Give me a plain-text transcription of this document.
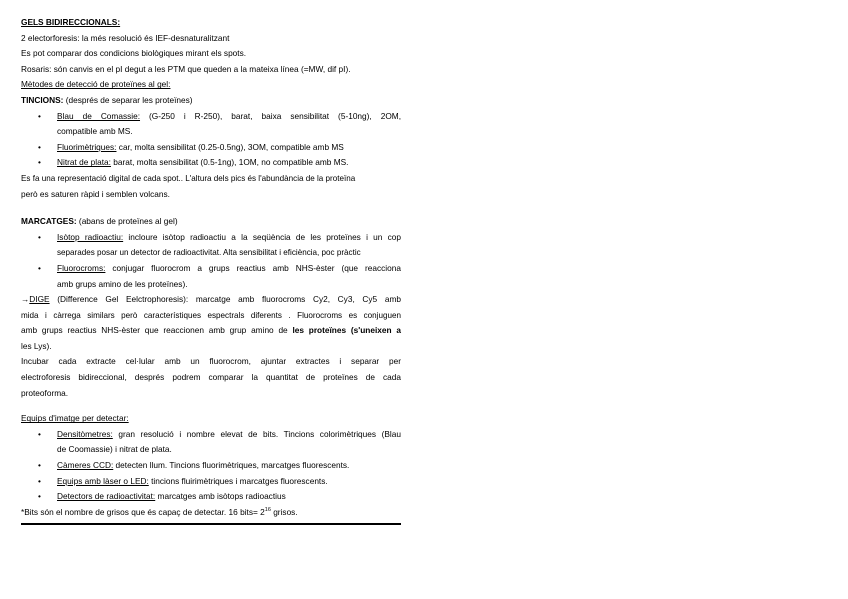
GELS BIDIRECCIONALS:
2 electorforesis: la més resolució és IEF-desnaturalitzant
Es pot comparar dos condicions biològiques mirant els spots.
Rosaris: són canvis en el pI degut a les PTM que queden a la mateixa línea (=MW, dif pI).
Mètodes de detecció de proteïnes al gel:
TINCIONS: (després de separar les proteïnes)
• Blau de Comassie: (G-250 i R-250), barat, baixa sensibilitat (5-10ng), 2OM,
compatible amb MS.
• Fluorimètriques: car, molta sensibilitat (0.25-0.5ng), 3OM, compatible amb MS
• Nitrat de plata: barat, molta sensibilitat (0.5-1ng), 1OM, no compatible amb MS.
Es fa una representació digital de cada spot.. L'altura dels pics és l'abundància de la proteïna
però es saturen ràpid i semblen volcans.
MARCATGES: (abans de proteïnes al gel)
• Isòtop radioactiu: incloure isòtop radioactiu a la seqüència de les proteïnes i un cop
separades posar un detector de radioactivitat. Alta sensibilitat i eficiència, poc pràctic
• Fluorocroms: conjugar fluorocrom a grups reactius amb NHS-èster (que reacciona
amb grups amino de les proteïnes).
→DIGE (Difference Gel Eelctrophoresis): marcatge amb fluorocroms Cy2, Cy3, Cy5 amb
mida i càrrega similars però característiques espectrals diferents . Fluorocroms es conjuguen
amb grups reactius NHS-èster que reaccionen amb grup amino de les proteïnes (s'uneixen a
les Lys).
Incubar cada extracte cel·lular amb un fluorocrom, ajuntar extractes i separar per
electroforesis bidireccional, després podrem comparar la quantitat de proteïnes de cada
proteoforma.
Equips d'imatge per detectar:
• Densitòmetres: gran resolució i nombre elevat de bits. Tincions colorimètriques (Blau
de Coomassie) i nitrat de plata.
• Càmeres CCD: detecten llum. Tincions fluorimètriques, marcatges fluorescents.
• Equips amb làser o LED: tincions fluirimètriques i marcatges fluorescents.
• Detectors de radioactivitat: marcatges amb isòtops radioactius
*Bits són el nombre de grisos que és capaç de detectar. 16 bits= $2^{16}$ grisos.
